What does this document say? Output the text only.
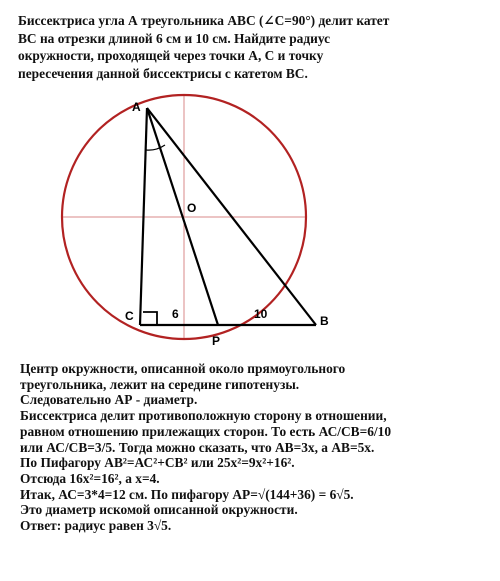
Биссектриса угла А треугольника АВС (∠С=90°) делит катет
ВС на отрезки длиной 6 см и 10 см. Найдите радиус
окружности, проходящей через точки А, С и точку
пересечения данной биссектрисы с катетом ВС.
A
O
C
P
B
6	10
Центр окружности, описанной около прямоугольного
треугольника, лежит на середине гипотенузы.
Следовательно АР - диаметр.
Биссектриса делит противоположную сторону в отношении,
равном отношению прилежащих сторон. То есть АС/СВ=6/10
или АС/СВ=3/5. Тогда можно сказать, что АВ=3х, а АВ=5х.
По Пифагору АВ²=АС²+СВ² или 25х²=9х²+16².
Отсюда 16х²=16², а х=4.
Итак, АС=3*4=12 см. По пифагору АР=√(144+36) = 6√5.
Это диаметр искомой описанной окружности.
Ответ: радиус равен 3√5.
